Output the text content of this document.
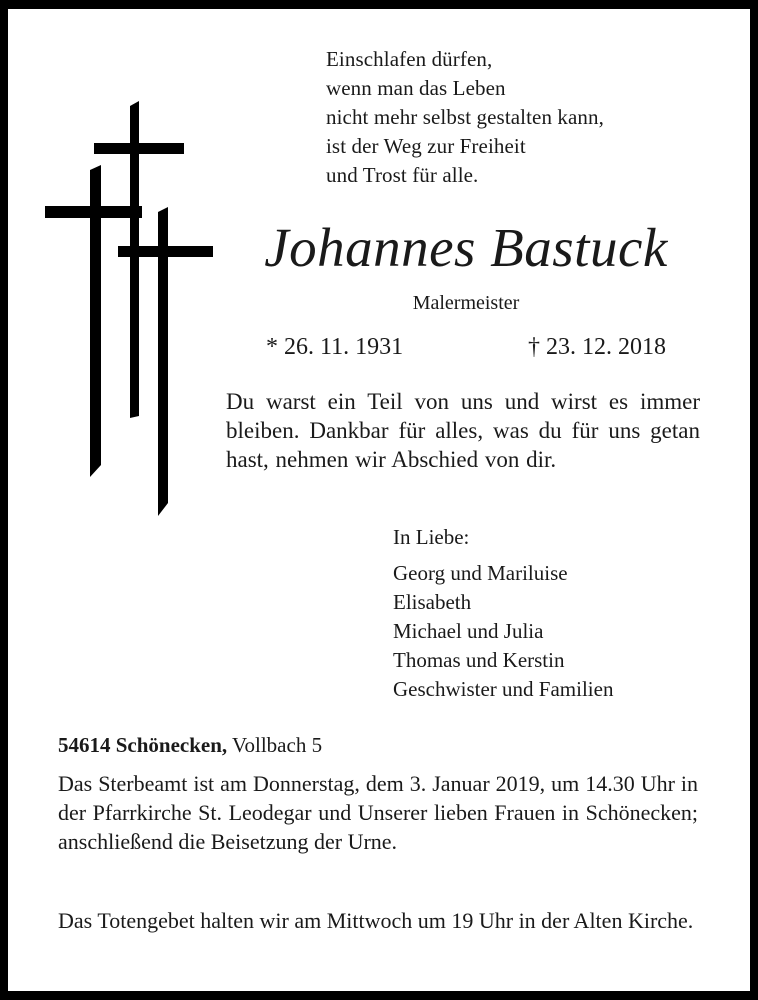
Einschlafen dürfen,
wenn man das Leben
nicht mehr selbst gestalten kann,
ist der Weg zur Freiheit
und Trost für alle.
Johannes Bastuck
Malermeister
* 26. 11. 1931	† 23. 12. 2018
Du warst ein Teil von uns und wirst es immer bleiben. Dankbar für alles, was du für uns getan hast, nehmen wir Abschied von dir.
In Liebe:
Georg und Mariluise
Elisabeth
Michael und Julia
Thomas und Kerstin
Geschwister und Familien
54614 Schönecken, Vollbach 5
Das Sterbeamt ist am Donnerstag, dem 3. Januar 2019, um 14.30 Uhr in der Pfarrkirche St. Leodegar und Unserer lieben Frauen in Schönecken; anschließend die Beisetzung der Urne.
Das Totengebet halten wir am Mittwoch um 19 Uhr in der Alten Kirche.
